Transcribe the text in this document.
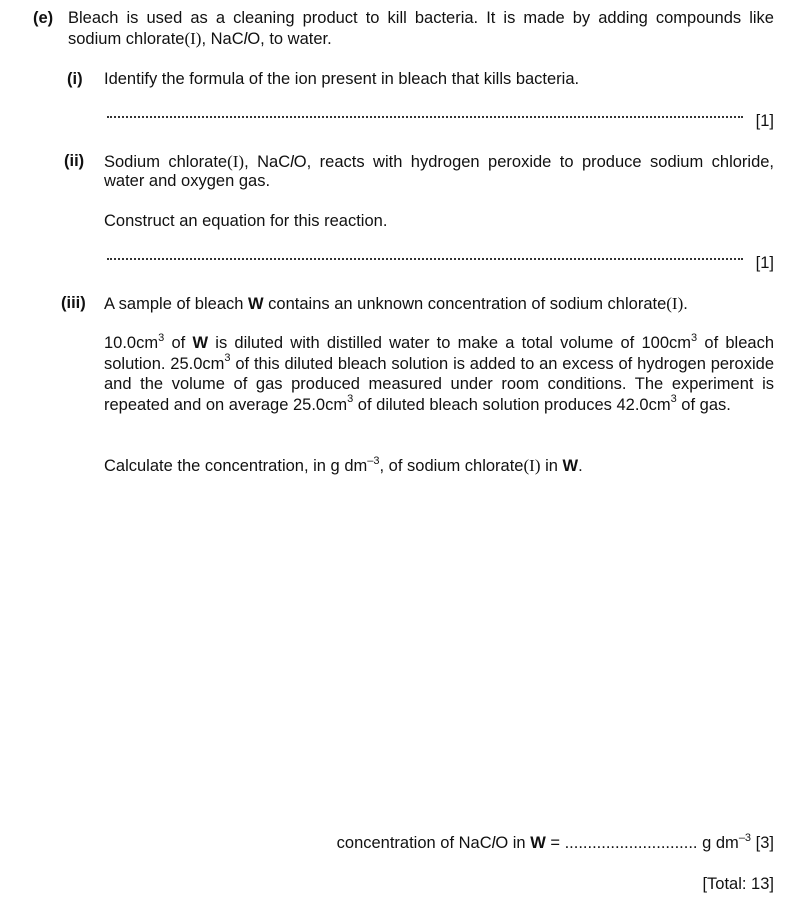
(e) Bleach is used as a cleaning product to kill bacteria. It is made by adding compounds like
sodium chlorate(I), NaClO, to water.
(i) Identify the formula of the ion present in bleach that kills bacteria.
[1]
(ii) Sodium chlorate(I), NaClO, reacts with hydrogen peroxide to produce sodium chloride,
water and oxygen gas.
Construct an equation for this reaction.
[1]
(iii) A sample of bleach W contains an unknown concentration of sodium chlorate(I).
$10.0cm^3$ of W is diluted with distilled water to make a total volume of $100cm^3$ of bleach solution. $25.0cm^3$ of this diluted bleach solution is added to an excess of hydrogen peroxide and the volume of gas produced measured under room conditions. The experiment is repeated and on average $25.0cm^3$ of diluted bleach solution produces $42.0cm^3$ of gas.
Calculate the concentration, in g $dm^{-3}$, of sodium chlorate(I) in W.
concentration of NaClO in W = ............................. g $dm^{-3}$ [3]
[Total: 13]
